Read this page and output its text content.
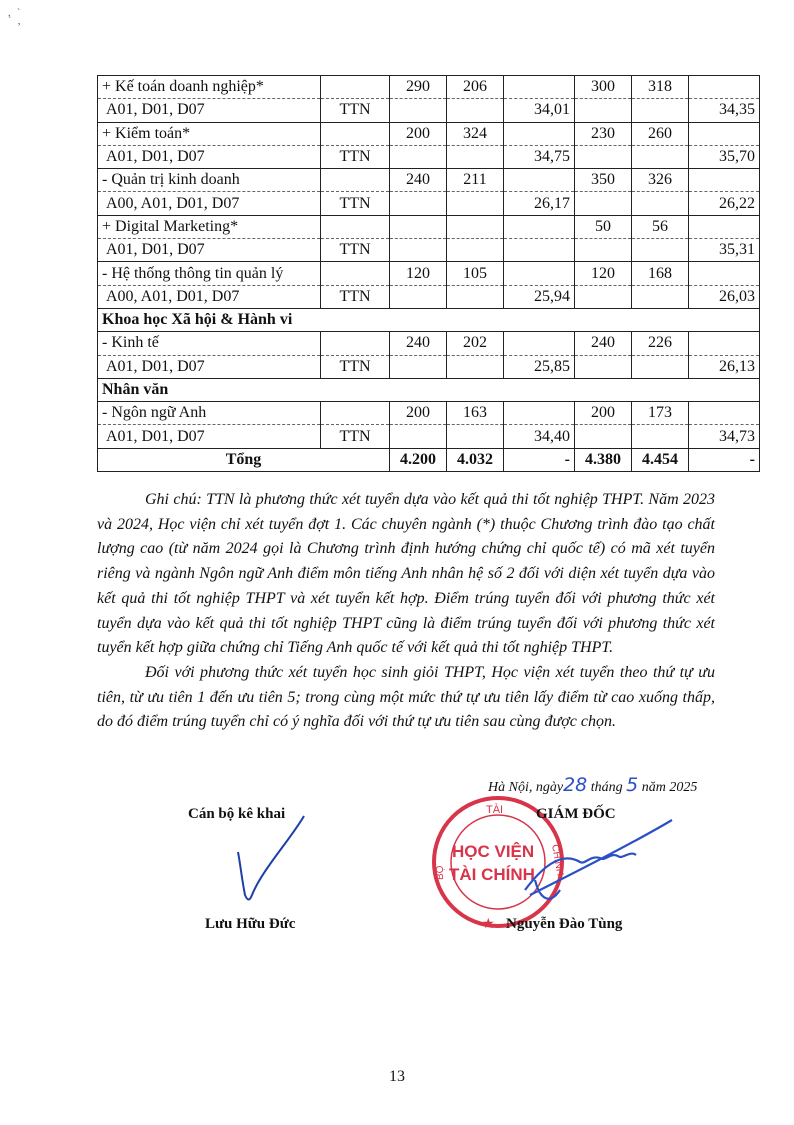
. `
` ,
+ Kế toán doanh nghiệp*		290	206		300	318	
A01, D01, D07	TTN			34,01			34,35
+ Kiểm toán*		200	324		230	260	
A01, D01, D07	TTN			34,75			35,70
- Quản trị kinh doanh		240	211		350	326	
A00, A01, D01, D07	TTN			26,17			26,22
+ Digital Marketing*					50	56	
A01, D01, D07	TTN						35,31
- Hệ thống thông tin quản lý		120	105		120	168	
A00, A01, D01, D07	TTN			25,94			26,03
Khoa học Xã hội & Hành vi							
- Kinh tế		240	202		240	226	
A01, D01, D07	TTN			25,85			26,13
Nhân văn							
- Ngôn ngữ Anh		200	163		200	173	
A01, D01, D07	TTN			34,40			34,73
Tổng		4.200	4.032	-	4.380	4.454	-

Ghi chú: TTN là phương thức xét tuyển dựa vào kết quả thi tốt nghiệp THPT. Năm 2023 và 2024, Học viện chỉ xét tuyển đợt 1. Các chuyên ngành (*) thuộc Chương trình đào tạo chất lượng cao (từ năm 2024 gọi là Chương trình định hướng chứng chỉ quốc tế) có mã xét tuyển riêng và ngành Ngôn ngữ Anh điểm môn tiếng Anh nhân hệ số 2 đối với diện xét tuyển dựa vào kết quả thi tốt nghiệp THPT và xét tuyển kết hợp. Điểm trúng tuyển đối với phương thức xét tuyển dựa vào kết quả thi tốt nghiệp THPT cũng là điểm trúng tuyển đối với phương thức xét tuyển kết hợp giữa chứng chỉ Tiếng Anh quốc tế với kết quả thi tốt nghiệp THPT.

Đối với phương thức xét tuyển học sinh giỏi THPT, Học viện xét tuyển theo thứ tự ưu tiên, từ ưu tiên 1 đến ưu tiên 5; trong cùng một mức thứ tự ưu tiên lấy điểm từ cao xuống thấp, do đó điểm trúng tuyển chỉ có ý nghĩa đối với thứ tự ưu tiên sau cùng được chọn.

Hà Nội, ngày28 tháng 5 năm 2025
Cán bộ kê khai
Lưu Hữu Đức
TÀI
HỌC VIỆN
TÀI CHÍNH
BỘ	CHÍNH
★
GIÁM ĐỐC
Nguyễn Đào Tùng
13
